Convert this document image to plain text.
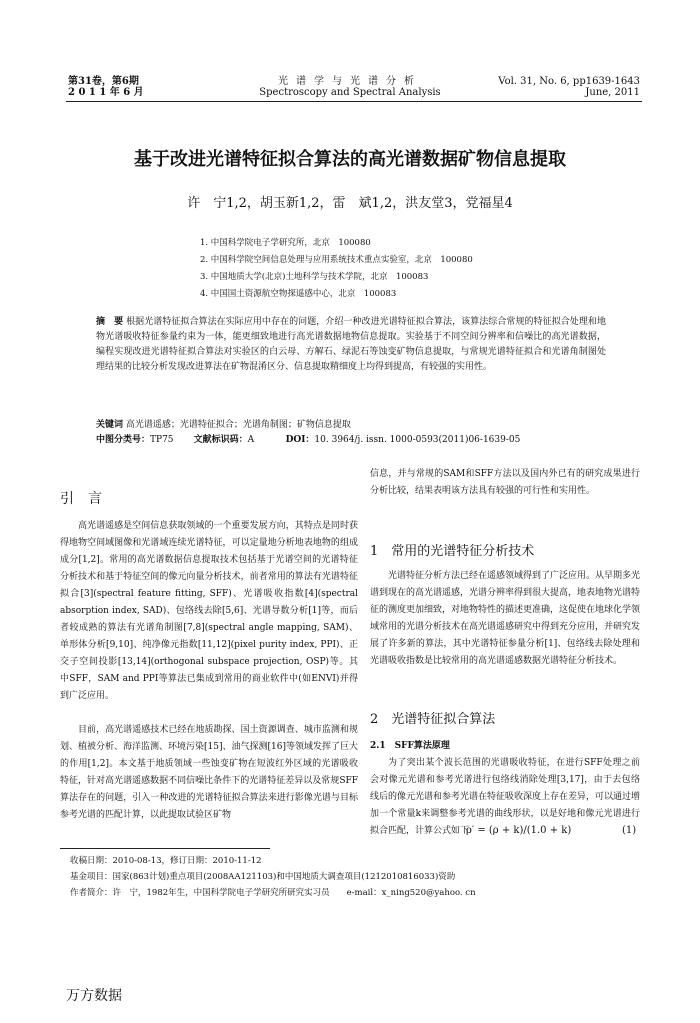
第31卷，第6期
2 0 1 1 年 6 月
光谱学与光谱分析
Spectroscopy and Spectral Analysis
Vol. 31, No. 6, pp1639-1643
June, 2011
基于改进光谱特征拟合算法的高光谱数据矿物信息提取
许　宁1,2，胡玉新1,2，雷　斌1,2，洪友堂3，党福星4
1. 中国科学院电子学研究所，北京　100080
2. 中国科学院空间信息处理与应用系统技术重点实验室，北京　100080
3. 中国地质大学(北京)土地科学与技术学院，北京　100083
4. 中国国土资源航空物探遥感中心，北京　100083
摘　要 根据光谱特征拟合算法在实际应用中存在的问题，介绍一种改进光谱特征拟合算法，该算法综合常规的特征拟合处理和地物光谱吸收特征参量约束为一体，能更细致地进行高光谱数据地物信息提取。实验基于不同空间分辨率和信噪比的高光谱数据，编程实现改进光谱特征拟合算法对实验区的白云母、方解石、绿泥石等蚀变矿物信息提取，与常规光谱特征拟合和光谱角制图处理结果的比较分析发现改进算法在矿物混淆区分、信息提取精细度上均得到提高，有较强的实用性。
关键词 高光谱遥感；光谱特征拟合；光谱角制图；矿物信息提取
中图分类号：TP75 文献标识码：A	DOI：10. 3964/j. issn. 1000-0593(2011)06-1639-05
引　言
高光谱遥感是空间信息获取领域的一个重要发展方向，其特点是同时获得地物空间域图像和光谱域连续光谱特征，可以定量地分析地表地物的组成成分[1,2]。常用的高光谱数据信息提取技术包括基于光谱空间的光谱特征分析技术和基于特征空间的像元向量分析技术，前者常用的算法有光谱特征拟合[3](spectral feature fitting, SFF)、光谱吸收指数[4](spectral absorption index, SAD)、包络线去除[5,6]、光谱导数分析[1]等，而后者较成熟的算法有光谱角制图[7,8](spectral angle mapping, SAM)、单形体分析[9,10]、纯净像元指数[11,12](pixel purity index, PPI)、正交子空间投影[13,14](orthogonal subspace projection, OSP)等。其中SFF，SAM and PPI等算法已集成到常用的商业软件中(如ENVI)并得到广泛应用。
目前，高光谱遥感技术已经在地质勘探、国土资源调查、城市监测和规划、植被分析、海洋监测、环境污染[15]、油气探测[16]等领域发挥了巨大的作用[1,2]。本文基于地质领域一些蚀变矿物在短波红外区域的光谱吸收特征，针对高光谱遥感数据不同信噪比条件下的光谱特征差异以及常规SFF算法存在的问题，引入一种改进的光谱特征拟合算法来进行影像光谱与目标参考光谱的匹配计算，以此提取试验区矿物
信息，并与常规的SAM和SFF方法以及国内外已有的研究成果进行分析比较，结果表明该方法具有较强的可行性和实用性。
1　常用的光谱特征分析技术
光谱特征分析方法已经在遥感领域得到了广泛应用。从早期多光谱到现在的高光谱遥感，光谱分辨率得到很大提高，地表地物光谱特征的测度更加细致，对地物特性的描述更准确，这促使在地球化学领域常用的光谱分析技术在高光谱遥感研究中得到充分应用，并研究发展了许多新的算法，其中光谱特征参量分析[1]、包络线去除处理和光谱吸收指数是比较常用的高光谱遥感数据光谱特征分析技术。
2　光谱特征拟合算法
2.1　SFF算法原理
为了突出某个波长范围的光谱吸收特征，在进行SFF处理之前会对像元光谱和参考光谱进行包络线消除处理[3,17]，由于去包络线后的像元光谱和参考光谱在特征吸收深度上存在差异，可以通过增加一个常量k来调整参考光谱的曲线形状，以是好地和像元光谱进行拟合匹配，计算公式如下
ρ′ = (ρ + k)/(1.0 + k)	(1)
收稿日期：2010-08-13，修订日期：2010-11-12
基金项目：国家(863计划)重点项目(2008AA121103)和中国地质大调查项目(1212010816033)资助
作者简介：许　宁，1982年生，中国科学院电子学研究所研究实习员　　e-mail：x_ning520@yahoo. cn
万方数据
